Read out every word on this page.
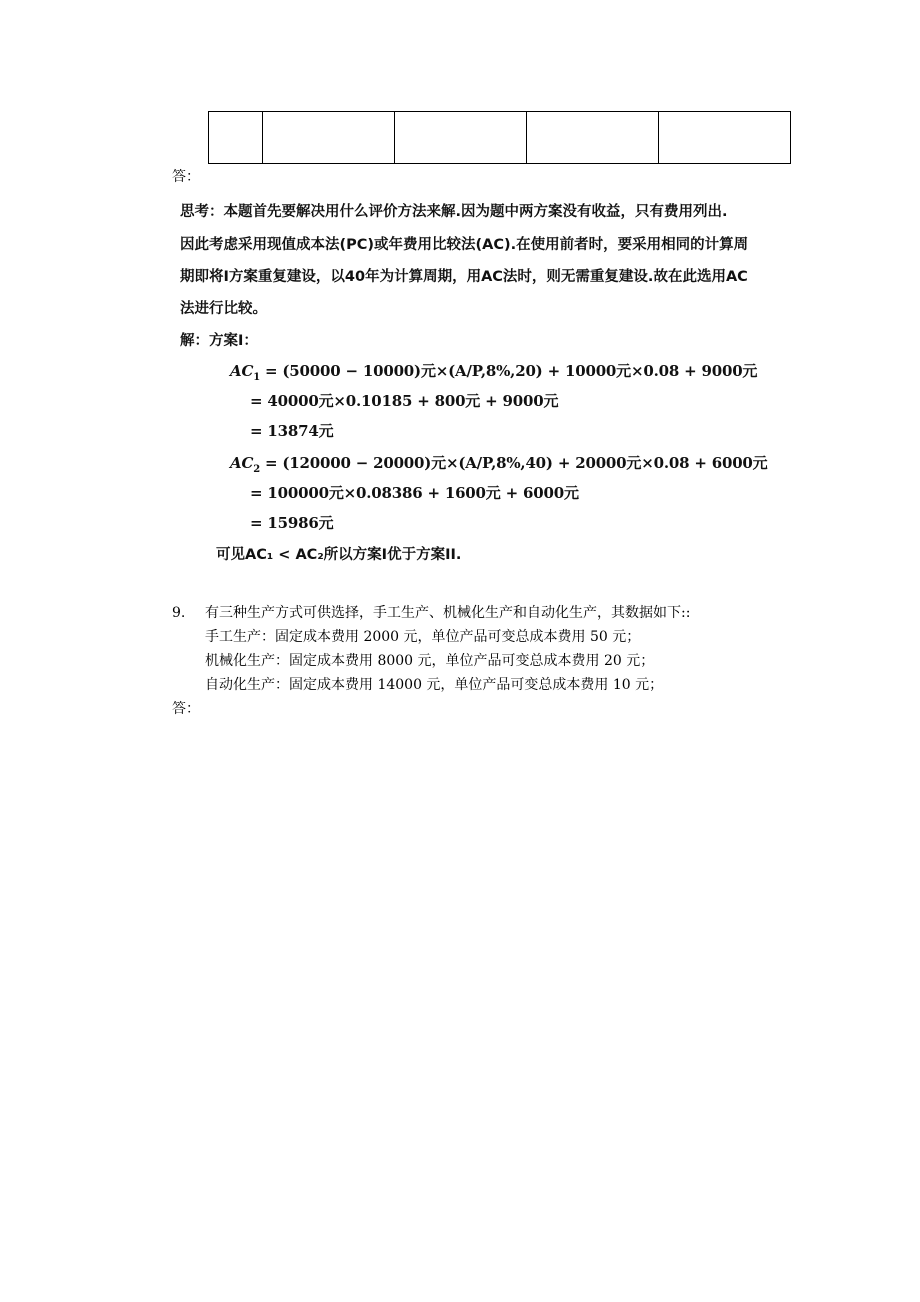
答：
思考：本题首先要解决用什么评价方法来解.因为题中两方案没有收益，只有费用列出.
因此考虑采用现值成本法(PC)或年费用比较法(AC).在使用前者时，要采用相同的计算周
期即将I方案重复建设，以40年为计算周期，用AC法时，则无需重复建设.故在此选用AC
法进行比较。
解：方案I：
$AC_1 = (50000 - 10000)$元×(A/P,8%,20) + 10000元×0.08 + 9000元
= 40000元×0.10185 + 800元 + 9000元
= 13874元
$AC_2 = (120000 - 20000)$元×(A/P,8%,40) + 20000元×0.08 + 6000元
= 100000元×0.08386 + 1600元 + 6000元
= 15986元
可见AC₁ < AC₂所以方案I优于方案II.
9. 有三种生产方式可供选择，手工生产、机械化生产和自动化生产，其数据如下::
手工生产：固定成本费用 2000 元，单位产品可变总成本费用 50 元；
机械化生产：固定成本费用 8000 元，单位产品可变总成本费用 20 元；
自动化生产：固定成本费用 14000 元，单位产品可变总成本费用 10 元；
答：
